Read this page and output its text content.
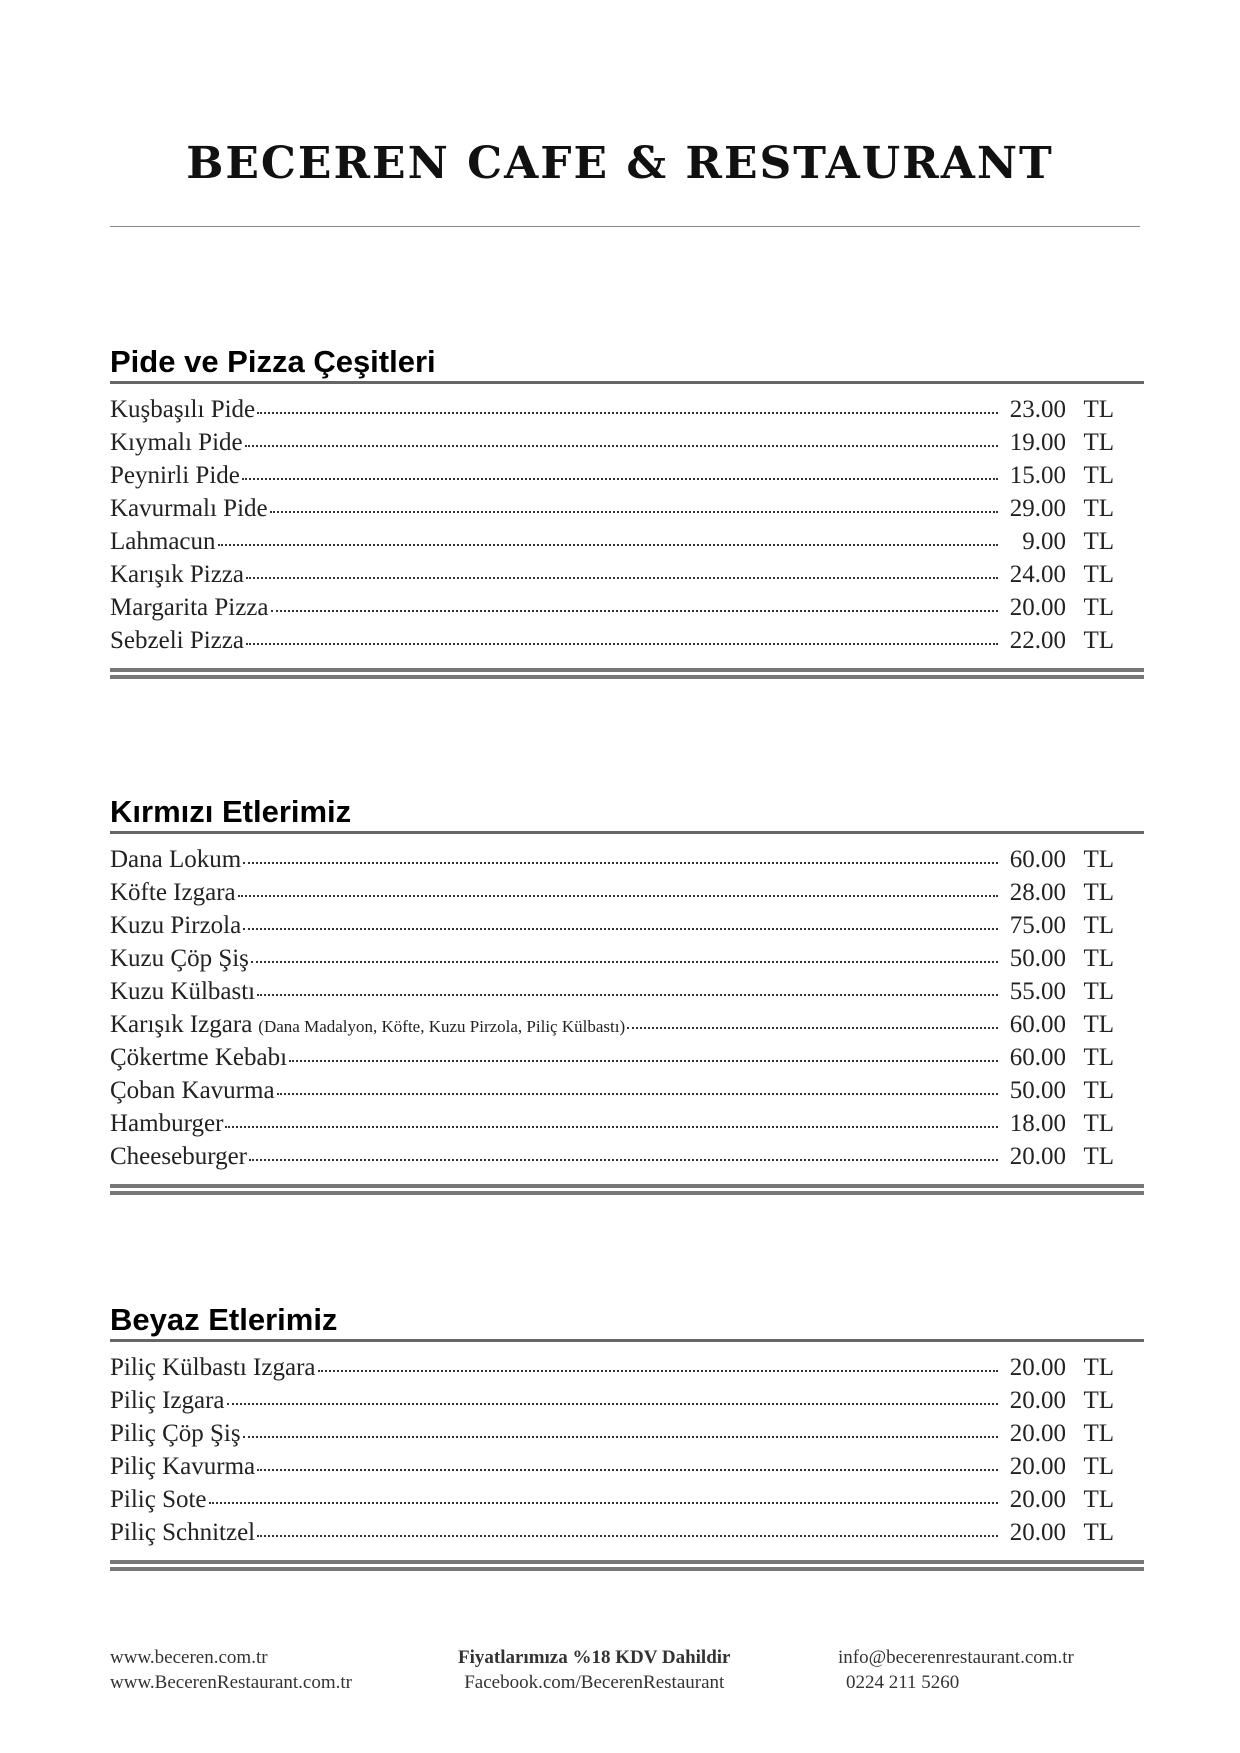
BECEREN CAFE & RESTAURANT
Pide ve Pizza Çeşitleri
Kuşbaşılı Pide	23.00 TL
Kıymalı Pide	19.00 TL
Peynirli Pide	15.00 TL
Kavurmalı Pide	29.00 TL
Lahmacun	9.00 TL
Karışık Pizza	24.00 TL
Margarita Pizza	20.00 TL
Sebzeli Pizza	22.00 TL
Kırmızı Etlerimiz
Dana Lokum	60.00 TL
Köfte Izgara	28.00 TL
Kuzu Pirzola	75.00 TL
Kuzu Çöp Şiş	50.00 TL
Kuzu Külbastı	55.00 TL
Karışık Izgara (Dana Madalyon, Köfte, Kuzu Pirzola, Piliç Külbastı)	60.00 TL
Çökertme Kebabı	60.00 TL
Çoban Kavurma	50.00 TL
Hamburger	18.00 TL
Cheeseburger	20.00 TL
Beyaz Etlerimiz
Piliç Külbastı Izgara	20.00 TL
Piliç Izgara	20.00 TL
Piliç Çöp Şiş	20.00 TL
Piliç Kavurma	20.00 TL
Piliç Sote	20.00 TL
Piliç Schnitzel	20.00 TL
www.beceren.com.tr
www.BecerenRestaurant.com.tr
Fiyatlarımıza %18 KDV Dahildir
Facebook.com/BecerenRestaurant
info@becerenrestaurant.com.tr
0224 211 5260
